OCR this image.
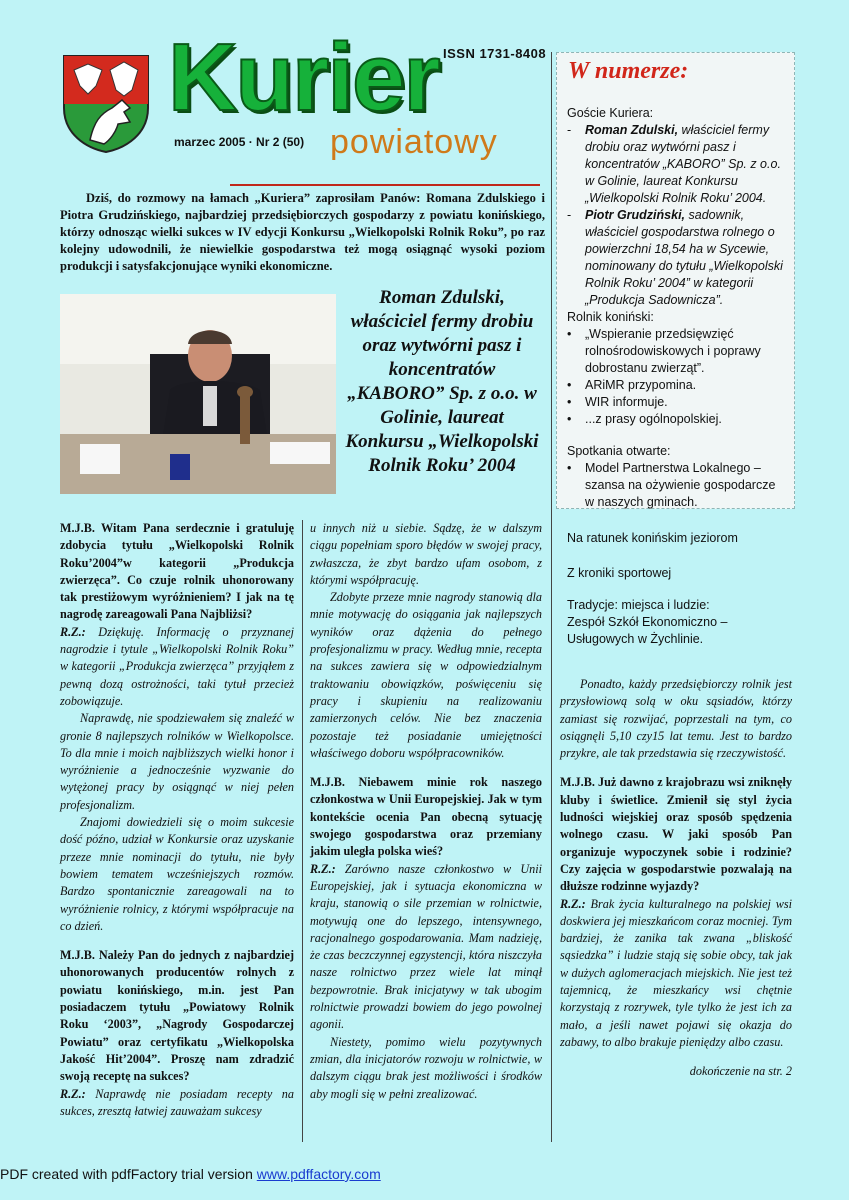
ISSN 1731-8408
Kurier
marzec 2005 · Nr 2 (50) powiatowy
Dziś, do rozmowy na łamach „Kuriera” zaprosiłam Panów: Romana Zdulskiego i Piotra Grudzińskiego, najbardziej przedsiębiorczych gospodarzy z powiatu konińskiego, którzy odnosząc wielki sukces w IV edycji Konkursu „Wielkopolski Rolnik Roku”, po raz kolejny udowodnili, że niewielkie gospodarstwa też mogą osiągnąć wysoki poziom produkcji i satysfakcjonujące wyniki ekonomiczne.
Roman Zdulski, właściciel fermy drobiu oraz wytwórni pasz i koncentratów „KABORO” Sp. z o.o. w Golinie, laureat Konkursu „Wielkopolski Rolnik Roku’ 2004
W numerze:
Goście Kuriera:
- Roman Zdulski, właściciel fermy drobiu oraz wytwórni pasz i koncentratów „KABORO” Sp. z o.o. w Golinie, laureat Konkursu „Wielkopolski Rolnik Roku’ 2004.
- Piotr Grudziński, sadownik, właściciel gospodarstwa rolnego o powierzchni 18,54 ha w Sycewie, nominowany do tytułu „Wielkopolski Rolnik Roku’ 2004” w kategorii „Produkcja Sadownicza”.
Rolnik koniński:
• „Wspieranie przedsięwzięć rolnośrodowiskowych i poprawy dobrostanu zwierząt”.
• ARiMR przypomina.
• WIR informuje.
• ...z prasy ogólnopolskiej.
Spotkania otwarte:
• Model Partnerstwa Lokalnego – szansa na ożywienie gospodarcze w naszych gminach.
Na ratunek konińskim jeziorom
Z kroniki sportowej
Tradycje: miejsca i ludzie:
Zespół Szkół Ekonomiczno – Usługowych w Żychlinie.

M.J.B. Witam Pana serdecznie i gratuluję zdobycia tytułu „Wielkopolski Rolnik Roku’2004”w kategorii „Produkcja zwierzęca”. Co czuje rolnik uhonorowany tak prestiżowym wyróżnieniem? I jak na tę nagrodę zareagowali Pana Najbliżsi?

R.Z.: Dziękuję. Informację o przyznanej nagrodzie i tytule „Wielkopolski Rolnik Roku” w kategorii „Produkcja zwierzęca” przyjąłem z pewną dozą ostrożności, taki tytuł przecież zobowiązuje.

Naprawdę, nie spodziewałem się znaleźć w gronie 8 najlepszych rolników w Wielkopolsce. To dla mnie i moich najbliższych wielki honor i wyróżnienie a jednocześnie wyzwanie do wytężonej pracy by osiągnąć w niej pełen profesjonalizm.

Znajomi dowiedzieli się o moim sukcesie dość późno, udział w Konkursie oraz uzyskanie przeze mnie nominacji do tytułu, nie były bowiem tematem wcześniejszych rozmów. Bardzo spontanicznie zareagowali na to wyróżnienie rolnicy, z którymi współpracuje na co dzień.

M.J.B. Należy Pan do jednych z najbardziej uhonorowanych producentów rolnych z powiatu konińskiego, m.in. jest Pan posiadaczem tytułu „Powiatowy Rolnik Roku ‘2003”, „Nagrody Gospodarczej Powiatu” oraz certyfikatu „Wielkopolska Jakość Hit’2004”. Proszę nam zdradzić swoją receptę na sukces?

R.Z.: Naprawdę nie posiadam recepty na sukces, zresztą łatwiej zauważam sukcesy

u innych niż u siebie. Sądzę, że w dalszym ciągu popełniam sporo błędów w swojej pracy, zwłaszcza, że zbyt bardzo ufam osobom, z którymi współpracuję.

Zdobyte przeze mnie nagrody stanowią dla mnie motywację do osiągania jak najlepszych wyników oraz dążenia do pełnego profesjonalizmu w pracy. Według mnie, recepta na sukces zawiera się w odpowiedzialnym traktowaniu obowiązków, poświęceniu się pracy i skupieniu na realizowaniu zamierzonych celów. Nie bez znaczenia pozostaje też posiadanie umiejętności właściwego doboru współpracowników.

M.J.B. Niebawem minie rok naszego członkostwa w Unii Europejskiej. Jak w tym kontekście ocenia Pan obecną sytuację swojego gospodarstwa oraz przemiany jakim uległa polska wieś?

R.Z.: Zarówno nasze członkostwo w Unii Europejskiej, jak i sytuacja ekonomiczna w kraju, stanowią o sile przemian w rolnictwie, motywują one do lepszego, intensywnego, racjonalnego gospodarowania. Mam nadzieję, że czas beczczynnej egzystencji, która niszczyła nasze rolnictwo przez wiele lat minął bezpowrotnie. Brak inicjatywy w tak ubogim rolnictwie prowadzi bowiem do jego powolnej agonii.

Niestety, pomimo wielu pozytywnych zmian, dla inicjatorów rozwoju w rolnictwie, w dalszym ciągu brak jest możliwości i środków aby mogli się w pełni zrealizować.

Ponadto, każdy przedsiębiorczy rolnik jest przysłowiową solą w oku sąsiadów, którzy zamiast się rozwijać, poprzestali na tym, co osiągnęli 5,10 czy15 lat temu. Jest to bardzo przykre, ale tak przedstawia się rzeczywistość.

M.J.B. Już dawno z krajobrazu wsi zniknęły kluby i świetlice. Zmienił się styl życia ludności wiejskiej oraz sposób spędzenia wolnego czasu. W jaki sposób Pan organizuje wypoczynek sobie i rodzinie? Czy zajęcia w gospodarstwie pozwalają na dłuższe rodzinne wyjazdy?

R.Z.: Brak życia kulturalnego na polskiej wsi doskwiera jej mieszkańcom coraz mocniej. Tym bardziej, że zanika tak zwana „bliskość sąsiedzka” i ludzie stają się sobie obcy, tak jak w dużych aglomeracjach miejskich. Nie jest też tajemnicą, że mieszkańcy wsi chętnie korzystają z rozrywek, tyle tylko że jest ich za mało, a jeśli nawet pojawi się okazja do zabawy, to albo brakuje pieniędzy albo czasu.

dokończenie na str. 2

PDF created with pdfFactory trial version www.pdffactory.com
